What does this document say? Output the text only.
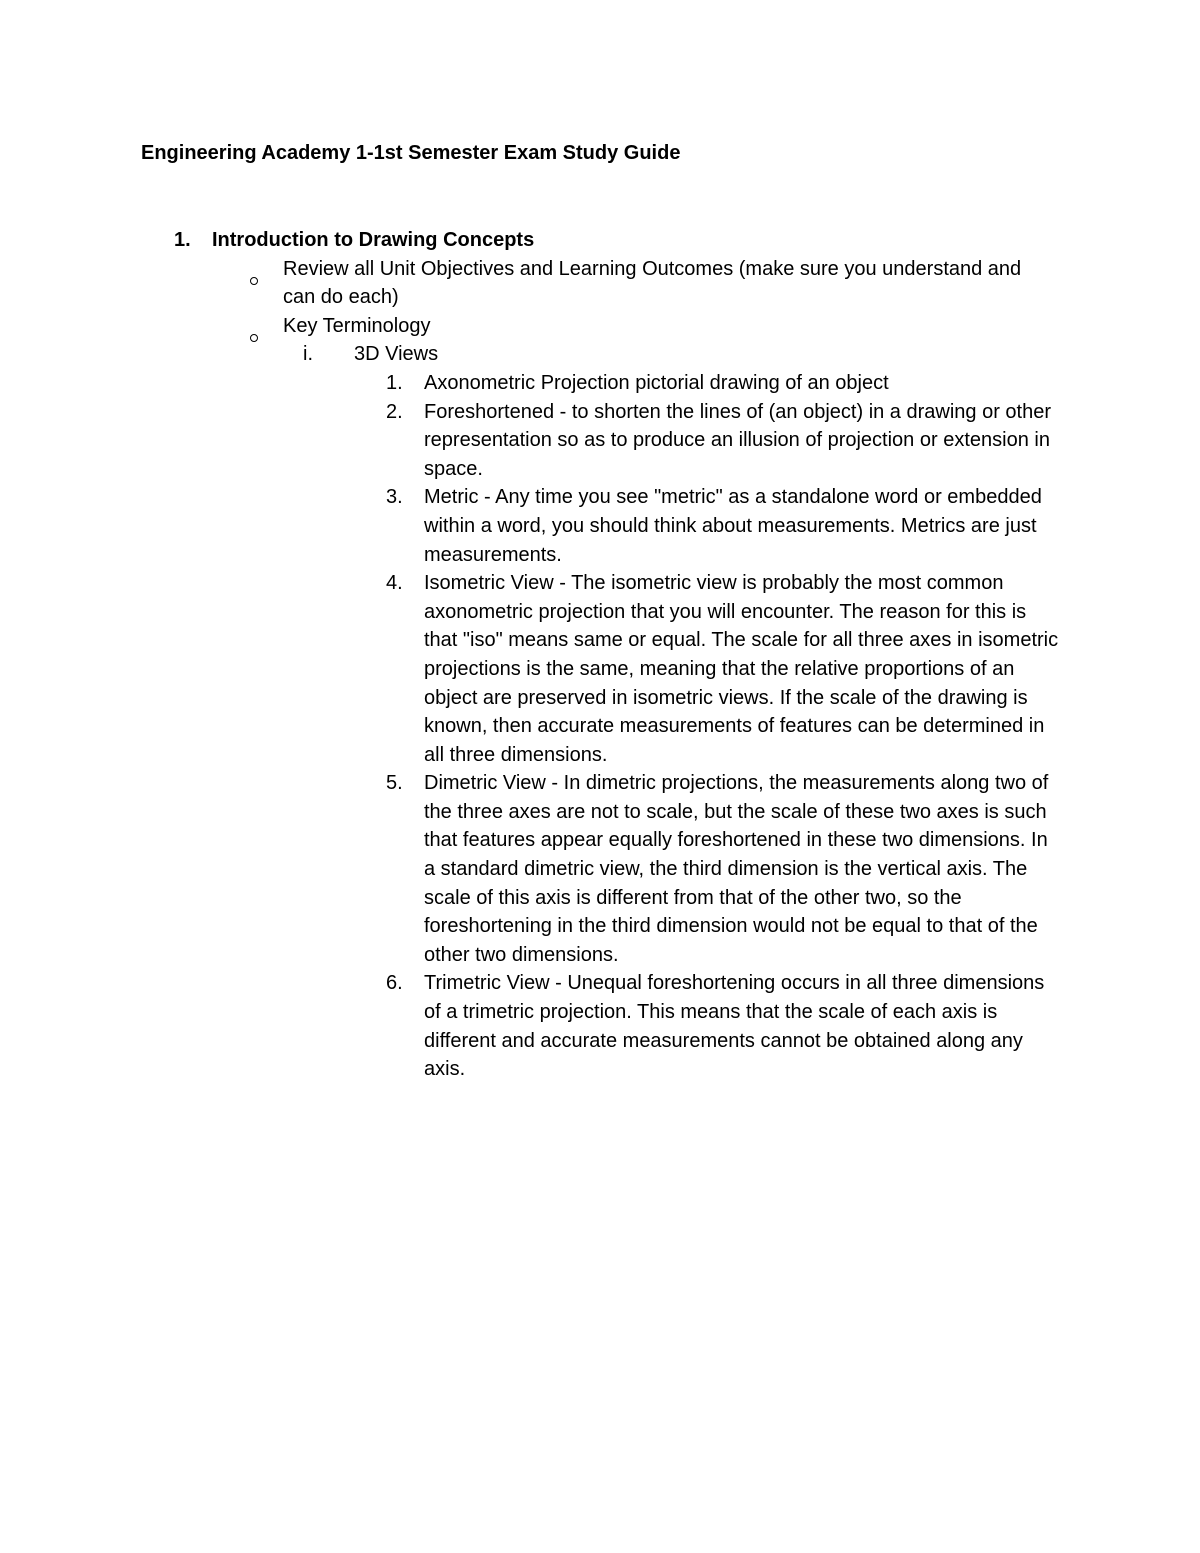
Engineering Academy 1-1st Semester Exam Study Guide
1. Introduction to Drawing Concepts
Review all Unit Objectives and Learning Outcomes (make sure you understand and can do each)
Key Terminology
i. 3D Views
1. Axonometric Projection pictorial drawing of an object
2. Foreshortened - to shorten the lines of (an object) in a drawing or other representation so as to produce an illusion of projection or extension in space.
3. Metric - Any time you see "metric" as a standalone word or embedded within a word, you should think about measurements. Metrics are just measurements.
4. Isometric View - The isometric view is probably the most common axonometric projection that you will encounter. The reason for this is that "iso" means same or equal. The scale for all three axes in isometric projections is the same, meaning that the relative proportions of an object are preserved in isometric views. If the scale of the drawing is known, then accurate measurements of features can be determined in all three dimensions.
5. Dimetric View - In dimetric projections, the measurements along two of the three axes are not to scale, but the scale of these two axes is such that features appear equally foreshortened in these two dimensions. In a standard dimetric view, the third dimension is the vertical axis. The scale of this axis is different from that of the other two, so the foreshortening in the third dimension would not be equal to that of the other two dimensions.
6. Trimetric View - Unequal foreshortening occurs in all three dimensions of a trimetric projection. This means that the scale of each axis is different and accurate measurements cannot be obtained along any axis.
